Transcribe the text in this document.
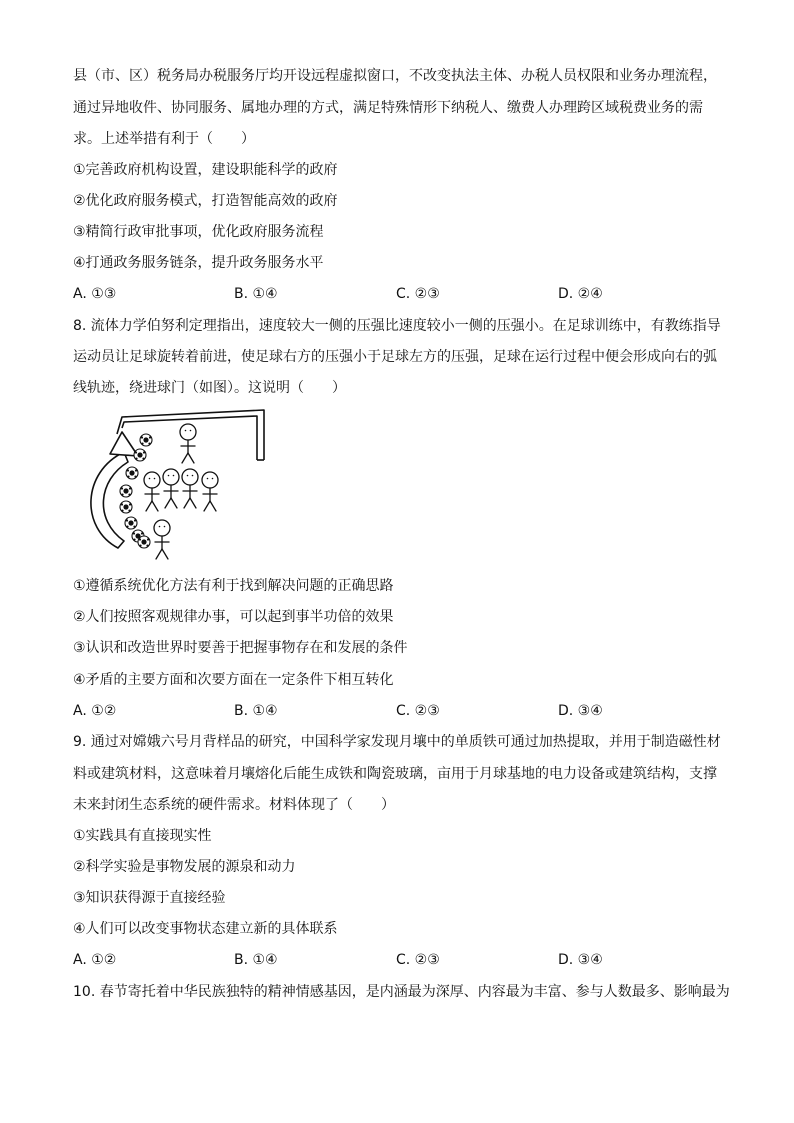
县（市、区）税务局办税服务厅均开设远程虚拟窗口，不改变执法主体、办税人员权限和业务办理流程，
通过异地收件、协同服务、属地办理的方式，满足特殊情形下纳税人、缴费人办理跨区域税费业务的需
求。上述举措有利于（　　）
①完善政府机构设置，建设职能科学的政府
②优化政府服务模式，打造智能高效的政府
③精简行政审批事项，优化政府服务流程
④打通政务服务链条，提升政务服务水平
A. ①③	B. ①④	C. ②③	D. ②④
8. 流体力学伯努利定理指出，速度较大一侧的压强比速度较小一侧的压强小。在足球训练中，有教练指导
运动员让足球旋转着前进，使足球右方的压强小于足球左方的压强，足球在运行过程中便会形成向右的弧
线轨迹，绕进球门（如图）。这说明（　　）
①遵循系统优化方法有利于找到解决问题的正确思路
②人们按照客观规律办事，可以起到事半功倍的效果
③认识和改造世界时要善于把握事物存在和发展的条件
④矛盾的主要方面和次要方面在一定条件下相互转化
A. ①②	B. ①④	C. ②③	D. ③④
9. 通过对嫦娥六号月背样品的研究，中国科学家发现月壤中的单质铁可通过加热提取，并用于制造磁性材
料或建筑材料，这意味着月壤熔化后能生成铁和陶瓷玻璃，亩用于月球基地的电力设备或建筑结构，支撑
未来封闭生态系统的硬件需求。材料体现了（　　）
①实践具有直接现实性
②科学实验是事物发展的源泉和动力
③知识获得源于直接经验
④人们可以改变事物状态建立新的具体联系
A. ①②	B. ①④	C. ②③	D. ③④
10. 春节寄托着中华民族独特的精神情感基因，是内涵最为深厚、内容最为丰富、参与人数最多、影响最为
